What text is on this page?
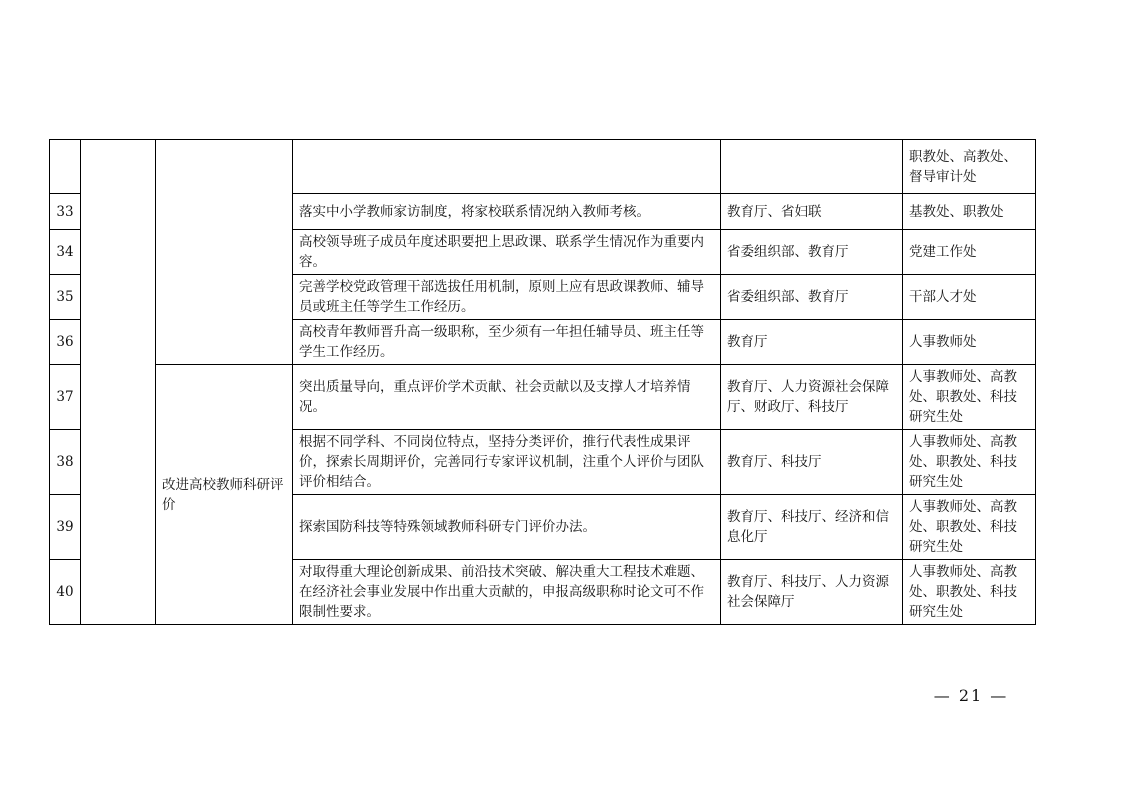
					职教处、高教处、督导审计处
33			落实中小学教师家访制度，将家校联系情况纳入教师考核。	教育厅、省妇联	基教处、职教处
34			高校领导班子成员年度述职要把上思政课、联系学生情况作为重要内容。	省委组织部、教育厅	党建工作处
35			完善学校党政管理干部选拔任用机制，原则上应有思政课教师、辅导员或班主任等学生工作经历。	省委组织部、教育厅	干部人才处
36			高校青年教师晋升高一级职称，至少须有一年担任辅导员、班主任等学生工作经历。	教育厅	人事教师处
37		改进高校教师科研评价	突出质量导向，重点评价学术贡献、社会贡献以及支撑人才培养情况。	教育厅、人力资源社会保障厅、财政厅、科技厅	人事教师处、高教处、职教处、科技研究生处
38			根据不同学科、不同岗位特点，坚持分类评价，推行代表性成果评价，探索长周期评价，完善同行专家评议机制，注重个人评价与团队评价相结合。	教育厅、科技厅	人事教师处、高教处、职教处、科技研究生处
39			探索国防科技等特殊领域教师科研专门评价办法。	教育厅、科技厅、经济和信息化厅	人事教师处、高教处、职教处、科技研究生处
40			对取得重大理论创新成果、前沿技术突破、解决重大工程技术难题、在经济社会事业发展中作出重大贡献的，申报高级职称时论文可不作限制性要求。	教育厅、科技厅、人力资源社会保障厅	人事教师处、高教处、职教处、科技研究生处
— 21 —
